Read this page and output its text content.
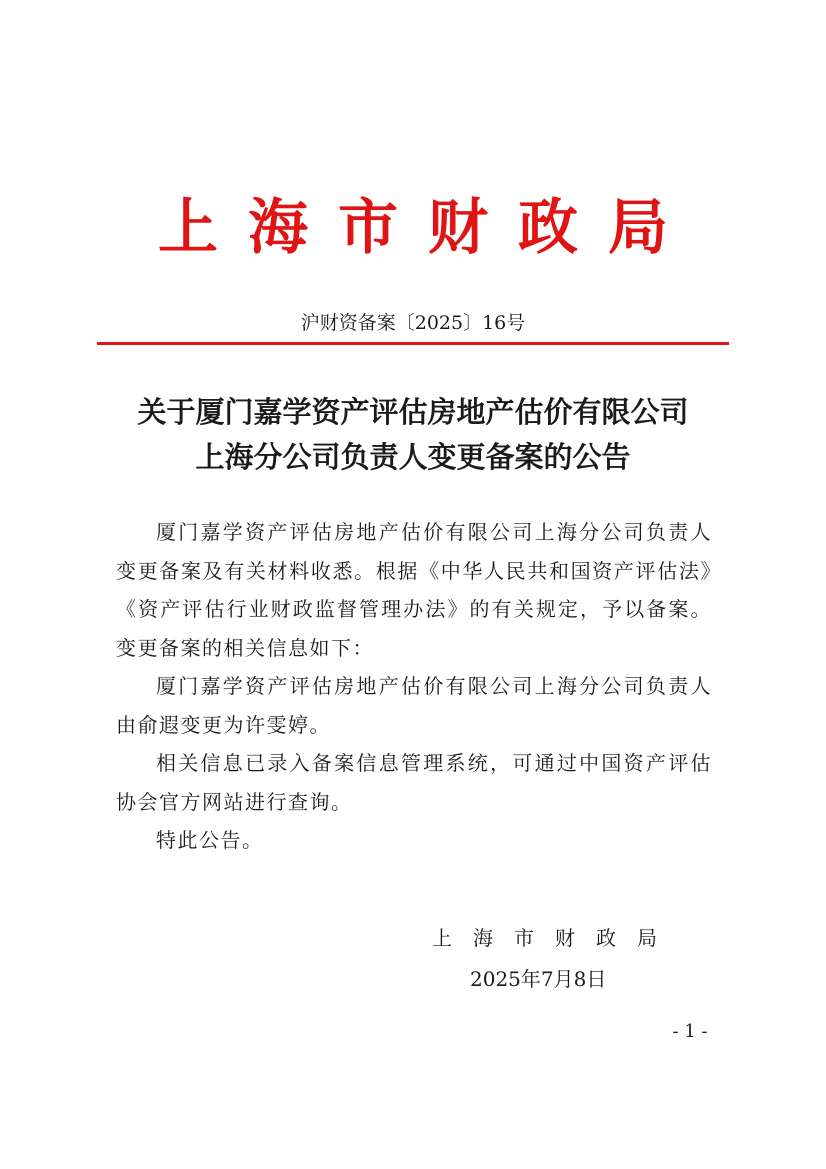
上海市财政局
沪财资备案〔2025〕16号
关于厦门嘉学资产评估房地产估价有限公司
上海分公司负责人变更备案的公告

厦门嘉学资产评估房地产估价有限公司上海分公司负责人变更备案及有关材料收悉。根据《中华人民共和国资产评估法》《资产评估行业财政监督管理办法》的有关规定，予以备案。变更备案的相关信息如下：

厦门嘉学资产评估房地产估价有限公司上海分公司负责人由俞遐变更为许雯婷。

相关信息已录入备案信息管理系统，可通过中国资产评估协会官方网站进行查询。

特此公告。

上海市财政局
2025年7月8日
- 1 -
